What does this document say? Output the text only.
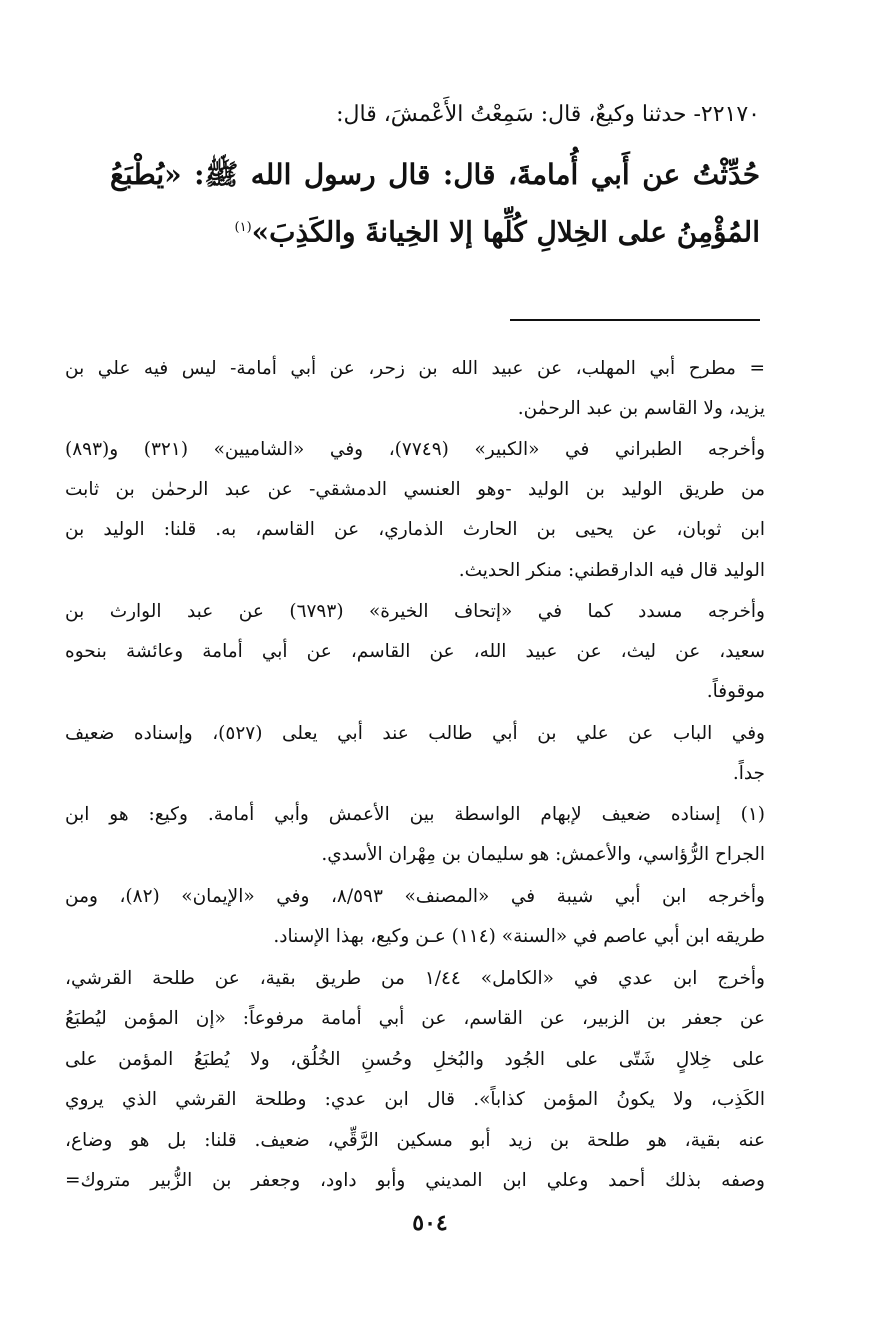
٢٢١٧٠- حدثنا وكيعٌ، قال: سَمِعْتُ الأَعْمشَ، قال:
حُدِّثْتُ عن أَبي أُمامةَ، قال: قال رسول الله ﷺ: «يُطْبَعُ
المُؤْمِنُ على الخِلالِ كُلِّها إلا الخِيانةَ والكَذِبَ»$^{(١)}$
= مطرح أبي المهلب، عن عبيد الله بن زحر، عن أبي أمامة- ليس فيه علي بن
يزيد، ولا القاسم بن عبد الرحمٰن.
وأخرجه الطبراني في «الكبير» (٧٧٤٩)، وفي «الشاميين» (٣٢١) و(٨٩٣)
من طريق الوليد بن الوليد -وهو العنسي الدمشقي- عن عبد الرحمٰن بن ثابت
ابن ثوبان، عن يحيى بن الحارث الذماري، عن القاسم، به. قلنا: الوليد بن
الوليد قال فيه الدارقطني: منكر الحديث.
وأخرجه مسدد كما في «إتحاف الخيرة» (٦٧٩٣) عن عبد الوارث بن
سعيد، عن ليث، عن عبيد الله، عن القاسم، عن أبي أمامة وعائشة بنحوه
موقوفاً.
وفي الباب عن علي بن أبي طالب عند أبي يعلى (٥٢٧)، وإسناده ضعيف
جداً.
(١) إسناده ضعيف لإبهام الواسطة بين الأعمش وأبي أمامة. وكيع: هو ابن
الجراح الرُّؤاسي، والأعمش: هو سليمان بن مِهْران الأسدي.
وأخرجه ابن أبي شيبة في «المصنف» ٨/٥٩٣، وفي «الإيمان» (٨٢)، ومن
طريقه ابن أبي عاصم في «السنة» (١١٤) عـن وكيع، بهذا الإسناد.
وأخرج ابن عدي في «الكامل» ١/٤٤ من طريق بقية، عن طلحة القرشي،
عن جعفر بن الزبير، عن القاسم، عن أبي أمامة مرفوعاً: «إن المؤمن ليُطبَعُ
على خِلالٍ شَتّى على الجُود والبُخلِ وحُسنِ الخُلُق، ولا يُطبَعُ المؤمن على
الكَذِب، ولا يكونُ المؤمن كذاباً». قال ابن عدي: وطلحة القرشي الذي يروي
عنه بقية، هو طلحة بن زيد أبو مسكين الرَّقِّي، ضعيف. قلنا: بل هو وضاع،
وصفه بذلك أحمد وعلي ابن المديني وأبو داود، وجعفر بن الزُّبير متروك=
٥٠٤
